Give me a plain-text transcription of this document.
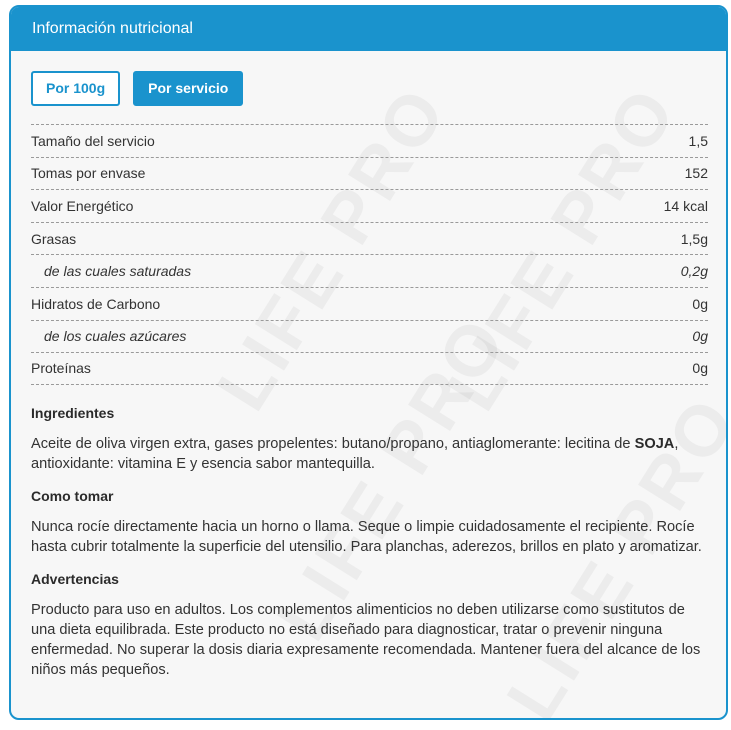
Información nutricional
Por 100g	Por servicio
Tamaño del servicio	1,5
Tomas por envase	152
Valor Energético	14 kcal
Grasas	1,5g
de las cuales saturadas	0,2g
Hidratos de Carbono	0g
de los cuales azúcares	0g
Proteínas	0g
Ingredientes

Aceite de oliva virgen extra, gases propelentes: butano/propano, antiaglomerante: lecitina de SOJA, antioxidante: vitamina E y esencia sabor mantequilla.

Como tomar

Nunca rocíe directamente hacia un horno o llama. Seque o limpie cuidadosamente el recipiente. Rocíe hasta cubrir totalmente la superficie del utensilio. Para planchas, aderezos, brillos en plato y aromatizar.

Advertencias

Producto para uso en adultos. Los complementos alimenticios no deben utilizarse como sustitutos de una dieta equilibrada. Este producto no está diseñado para diagnosticar, tratar o prevenir ninguna enfermedad. No superar la dosis diaria expresamente recomendada. Mantener fuera del alcance de los niños más pequeños.
